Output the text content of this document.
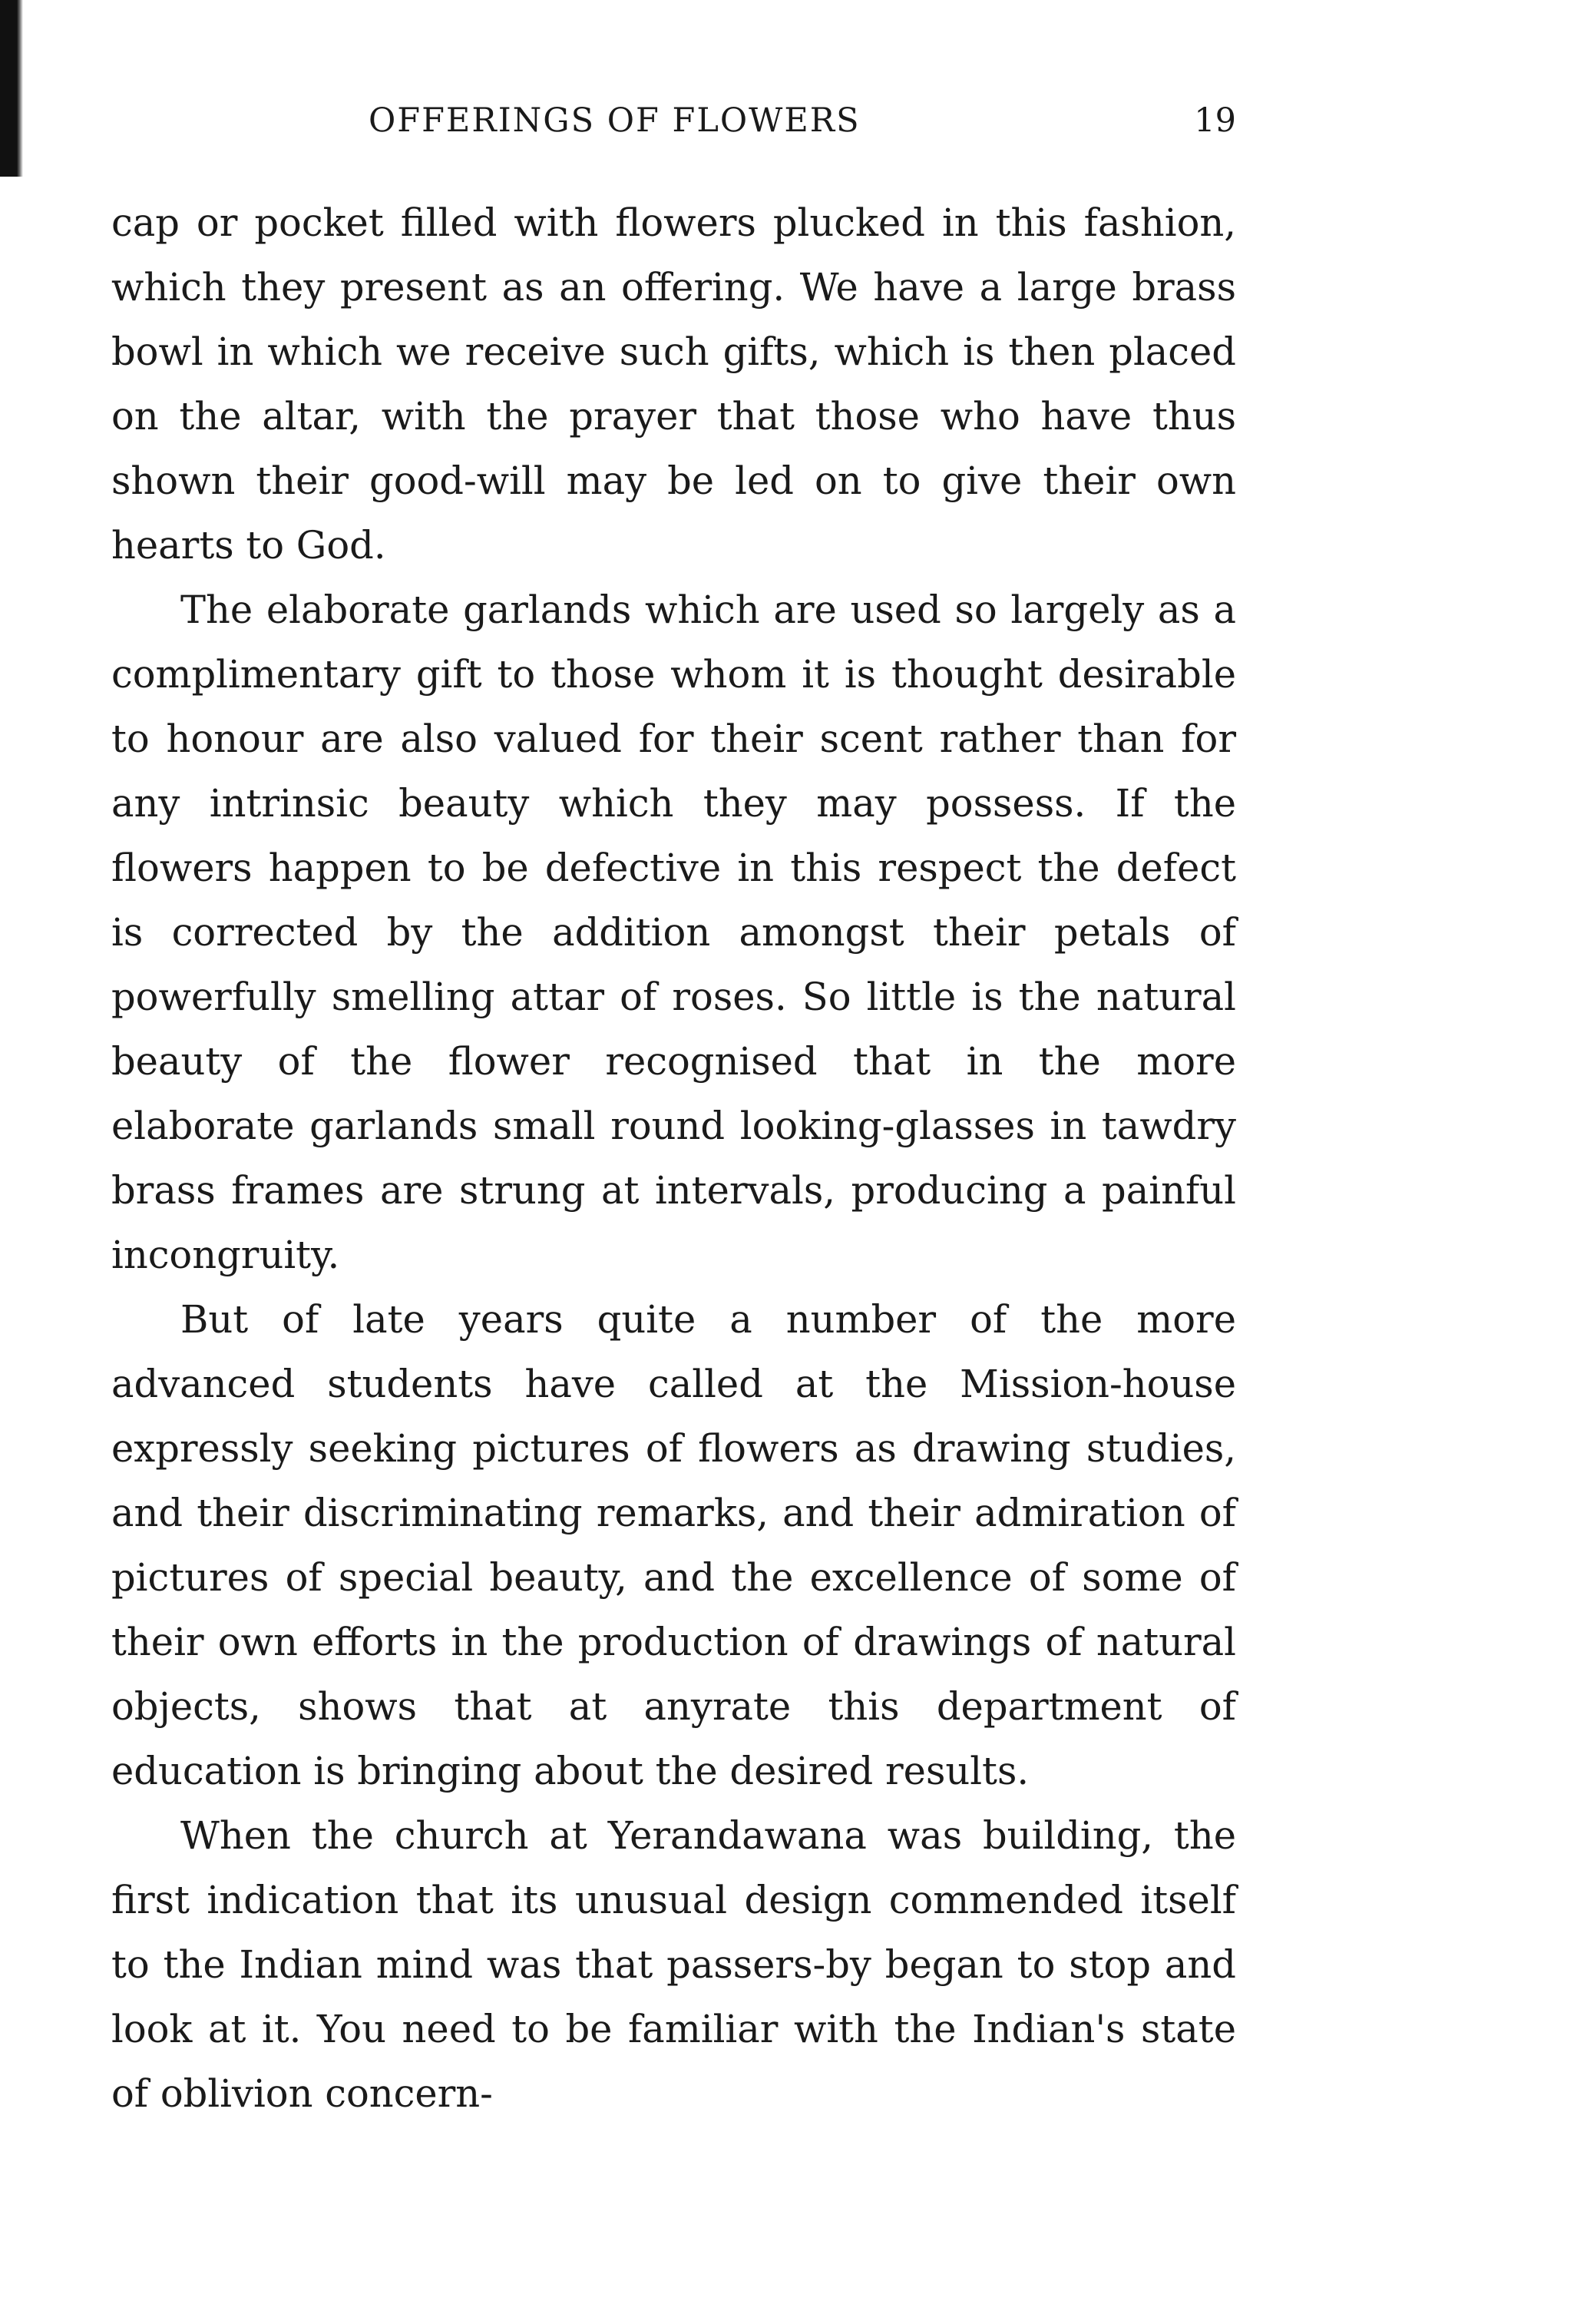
OFFERINGS OF FLOWERS	19

cap or pocket filled with flowers plucked in this fashion, which they present as an offering. We have a large brass bowl in which we receive such gifts, which is then placed on the altar, with the prayer that those who have thus shown their good-will may be led on to give their own hearts to God.

The elaborate garlands which are used so largely as a complimentary gift to those whom it is thought desirable to honour are also valued for their scent rather than for any intrinsic beauty which they may possess. If the flowers happen to be defective in this respect the defect is corrected by the addition amongst their petals of powerfully smelling attar of roses. So little is the natural beauty of the flower recognised that in the more elaborate garlands small round looking-glasses in tawdry brass frames are strung at intervals, producing a painful incongruity.

But of late years quite a number of the more advanced students have called at the Mission-house expressly seeking pictures of flowers as drawing studies, and their discriminating remarks, and their admiration of pictures of special beauty, and the excellence of some of their own efforts in the production of drawings of natural objects, shows that at anyrate this department of education is bringing about the desired results.

When the church at Yerandawana was building, the first indication that its unusual design commended itself to the Indian mind was that passers-by began to stop and look at it. You need to be familiar with the Indian's state of oblivion concern-
